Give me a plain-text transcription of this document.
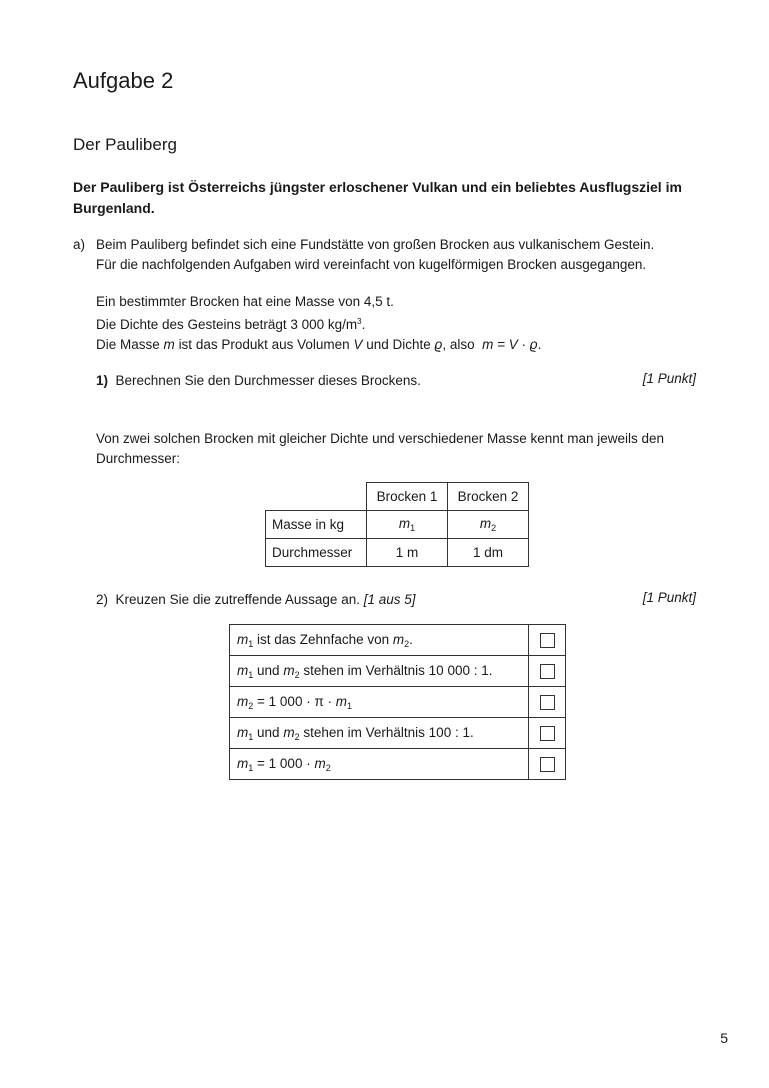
Aufgabe 2
Der Pauliberg
Der Pauliberg ist Österreichs jüngster erloschener Vulkan und ein beliebtes Ausflugsziel im Burgenland.
a) Beim Pauliberg befindet sich eine Fundstätte von großen Brocken aus vulkanischem Gestein.
Für die nachfolgenden Aufgaben wird vereinfacht von kugelförmigen Brocken ausgegangen.
Ein bestimmter Brocken hat eine Masse von 4,5 t.
Die Dichte des Gesteins beträgt 3 000 $kg/m^3$.
Die Masse m ist das Produkt aus Volumen V und Dichte ϱ, also m = V · ϱ.
1) Berechnen Sie den Durchmesser dieses Brockens.	[1 Punkt]
Von zwei solchen Brocken mit gleicher Dichte und verschiedener Masse kennt man jeweils den Durchmesser:
	Brocken 1	Brocken 2
Masse in kg	$m_1$	$m_2$
Durchmesser	1 m	1 dm
2) Kreuzen Sie die zutreffende Aussage an. [1 aus 5]	[1 Punkt]
$m_1$ ist das Zehnfache von $m_2$.	
$m_1$ und $m_2$ stehen im Verhältnis 10 000 : 1.	
$m_2 = 1$ $000 \cdot \pi \cdot m_1$	
$m_1$ und $m_2$ stehen im Verhältnis 100 : 1.	
$m_1 = 1$ $000 \cdot m_2$	
5
